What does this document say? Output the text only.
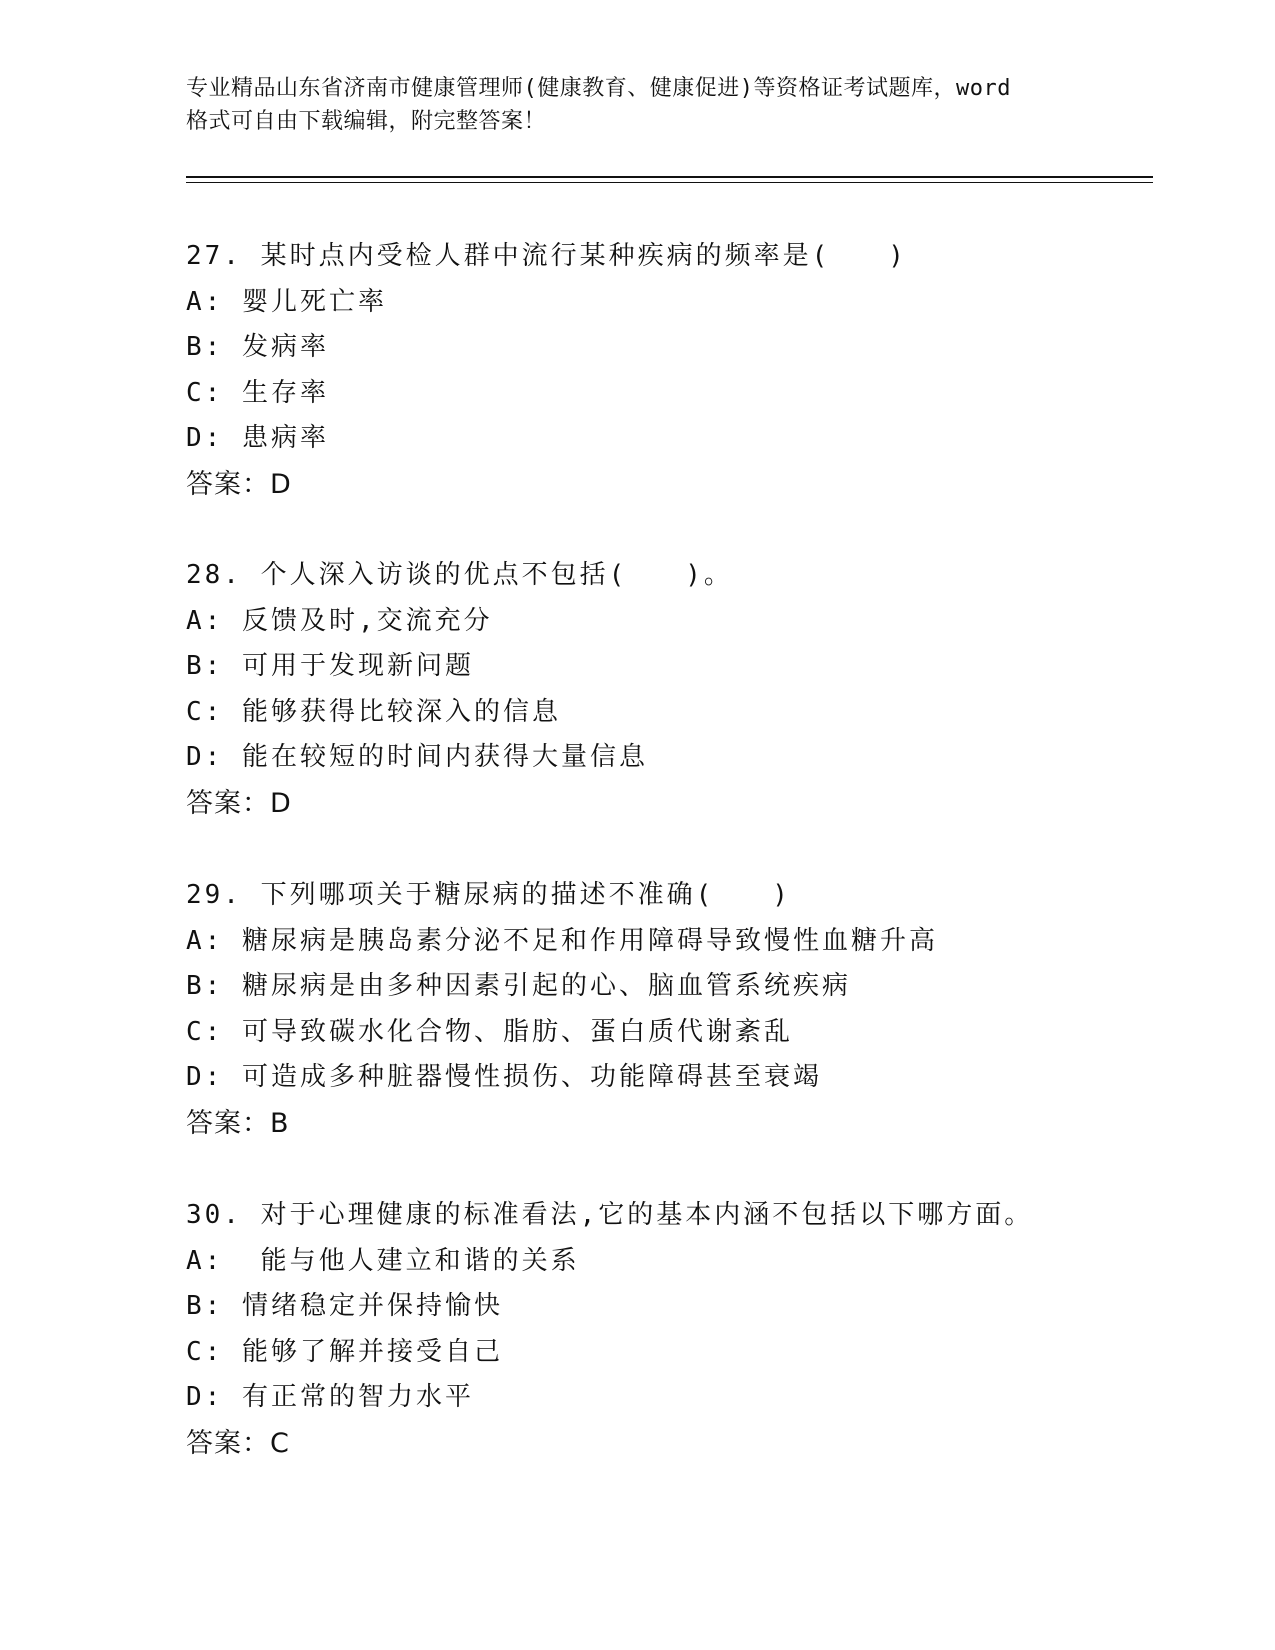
专业精品山东省济南市健康管理师(健康教育、健康促进)等资格证考试题库，word

格式可自由下载编辑，附完整答案！

27. 某时点内受检人群中流行某种疾病的频率是(　　)
A: 婴儿死亡率
B: 发病率
C: 生存率
D: 患病率
答案：D
28. 个人深入访谈的优点不包括(　　)。
A: 反馈及时,交流充分
B: 可用于发现新问题
C: 能够获得比较深入的信息
D: 能在较短的时间内获得大量信息
答案：D
29. 下列哪项关于糖尿病的描述不准确(　　)
A: 糖尿病是胰岛素分泌不足和作用障碍导致慢性血糖升高
B: 糖尿病是由多种因素引起的心、脑血管系统疾病
C: 可导致碳水化合物、脂肪、蛋白质代谢紊乱
D: 可造成多种脏器慢性损伤、功能障碍甚至衰竭
答案：B
30. 对于心理健康的标准看法,它的基本内涵不包括以下哪方面。
A:  能与他人建立和谐的关系
B: 情绪稳定并保持愉快
C: 能够了解并接受自己
D: 有正常的智力水平
答案：C
